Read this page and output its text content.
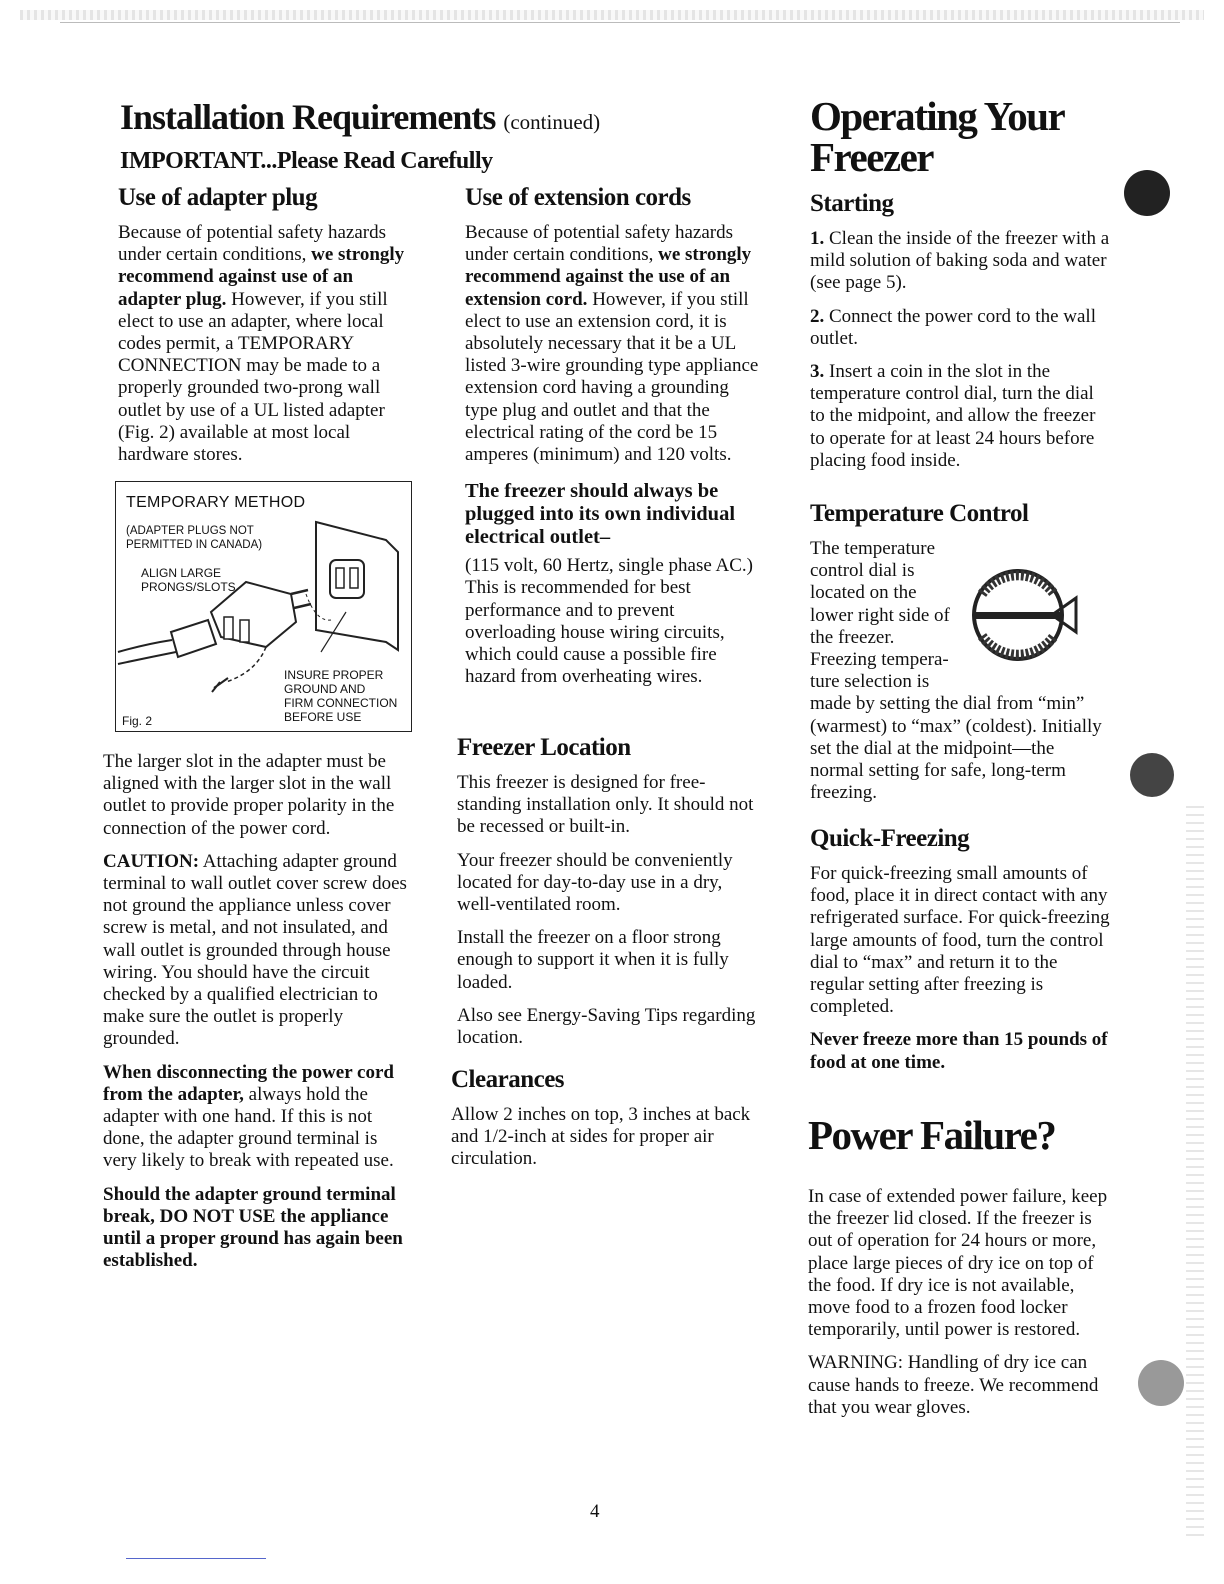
Installation Requirements (continued)
IMPORTANT...Please Read Carefully
Use of adapter plug

Because of potential safety hazards under certain conditions, we strongly recommend against use of an adapter plug. However, if you still elect to use an adapter, where local codes permit, a TEMPORARY CONNECTION may be made to a properly grounded two-prong wall outlet by use of a UL listed adapter (Fig. 2) available at most local hardware stores.

TEMPORARY METHOD
(ADAPTER PLUGS NOT
PERMITTED IN CANADA)
ALIGN LARGE
PRONGS/SLOTS
INSURE PROPER
GROUND AND
FIRM CONNECTION
BEFORE USE
Fig. 2

The larger slot in the adapter must be aligned with the larger slot in the wall outlet to provide proper polarity in the connection of the power cord.

CAUTION: Attaching adapter ground terminal to wall outlet cover screw does not ground the appliance unless cover screw is metal, and not insulated, and wall outlet is grounded through house wiring. You should have the circuit checked by a qualified electrician to make sure the outlet is properly grounded.

When disconnecting the power cord from the adapter, always hold the adapter with one hand. If this is not done, the adapter ground terminal is very likely to break with repeated use.

Should the adapter ground terminal break, DO NOT USE the appliance until a proper ground has again been established.

Use of extension cords

Because of potential safety hazards under certain conditions, we strongly recommend against the use of an extension cord. However, if you still elect to use an extension cord, it is absolutely necessary that it be a UL listed 3-wire grounding type appliance extension cord having a grounding type plug and outlet and that the electrical rating of the cord be 15 amperes (minimum) and 120 volts.

The freezer should always be plugged into its own individual electrical outlet–

(115 volt, 60 Hertz, single phase AC.) This is recommended for best performance and to prevent overloading house wiring circuits, which could cause a possible fire hazard from overheating wires.

Freezer Location

This freezer is designed for free-standing installation only. It should not be recessed or built-in.

Your freezer should be conveniently located for day-to-day use in a dry, well-ventilated room.

Install the freezer on a floor strong enough to support it when it is fully loaded.

Also see Energy-Saving Tips regarding location.

Clearances

Allow 2 inches on top, 3 inches at back and 1/2-inch at sides for proper air circulation.

Operating Your
Freezer
Starting

1. Clean the inside of the freezer with a mild solution of baking soda and water (see page 5).

2. Connect the power cord to the wall outlet.

3. Insert a coin in the slot in the temperature control dial, turn the dial to the midpoint, and allow the freezer to operate for at least 24 hours before placing food inside.

Temperature Control
The temperature
control dial is
located on the
lower right side of
the freezer.
Freezing tempera-
ture selection is

made by setting the dial from “min” (warmest) to “max” (coldest). Initially set the dial at the midpoint—the normal setting for safe, long-term freezing.

Quick-Freezing

For quick-freezing small amounts of food, place it in direct contact with any refrigerated surface. For quick-freezing large amounts of food, turn the control dial to “max” and return it to the regular setting after freezing is completed.

Never freeze more than 15 pounds of food at one time.

Power Failure?

In case of extended power failure, keep the freezer lid closed. If the freezer is out of operation for 24 hours or more, place large pieces of dry ice on top of the food. If dry ice is not available, move food to a frozen food locker temporarily, until power is restored.

WARNING: Handling of dry ice can cause hands to freeze. We recommend that you wear gloves.

4
